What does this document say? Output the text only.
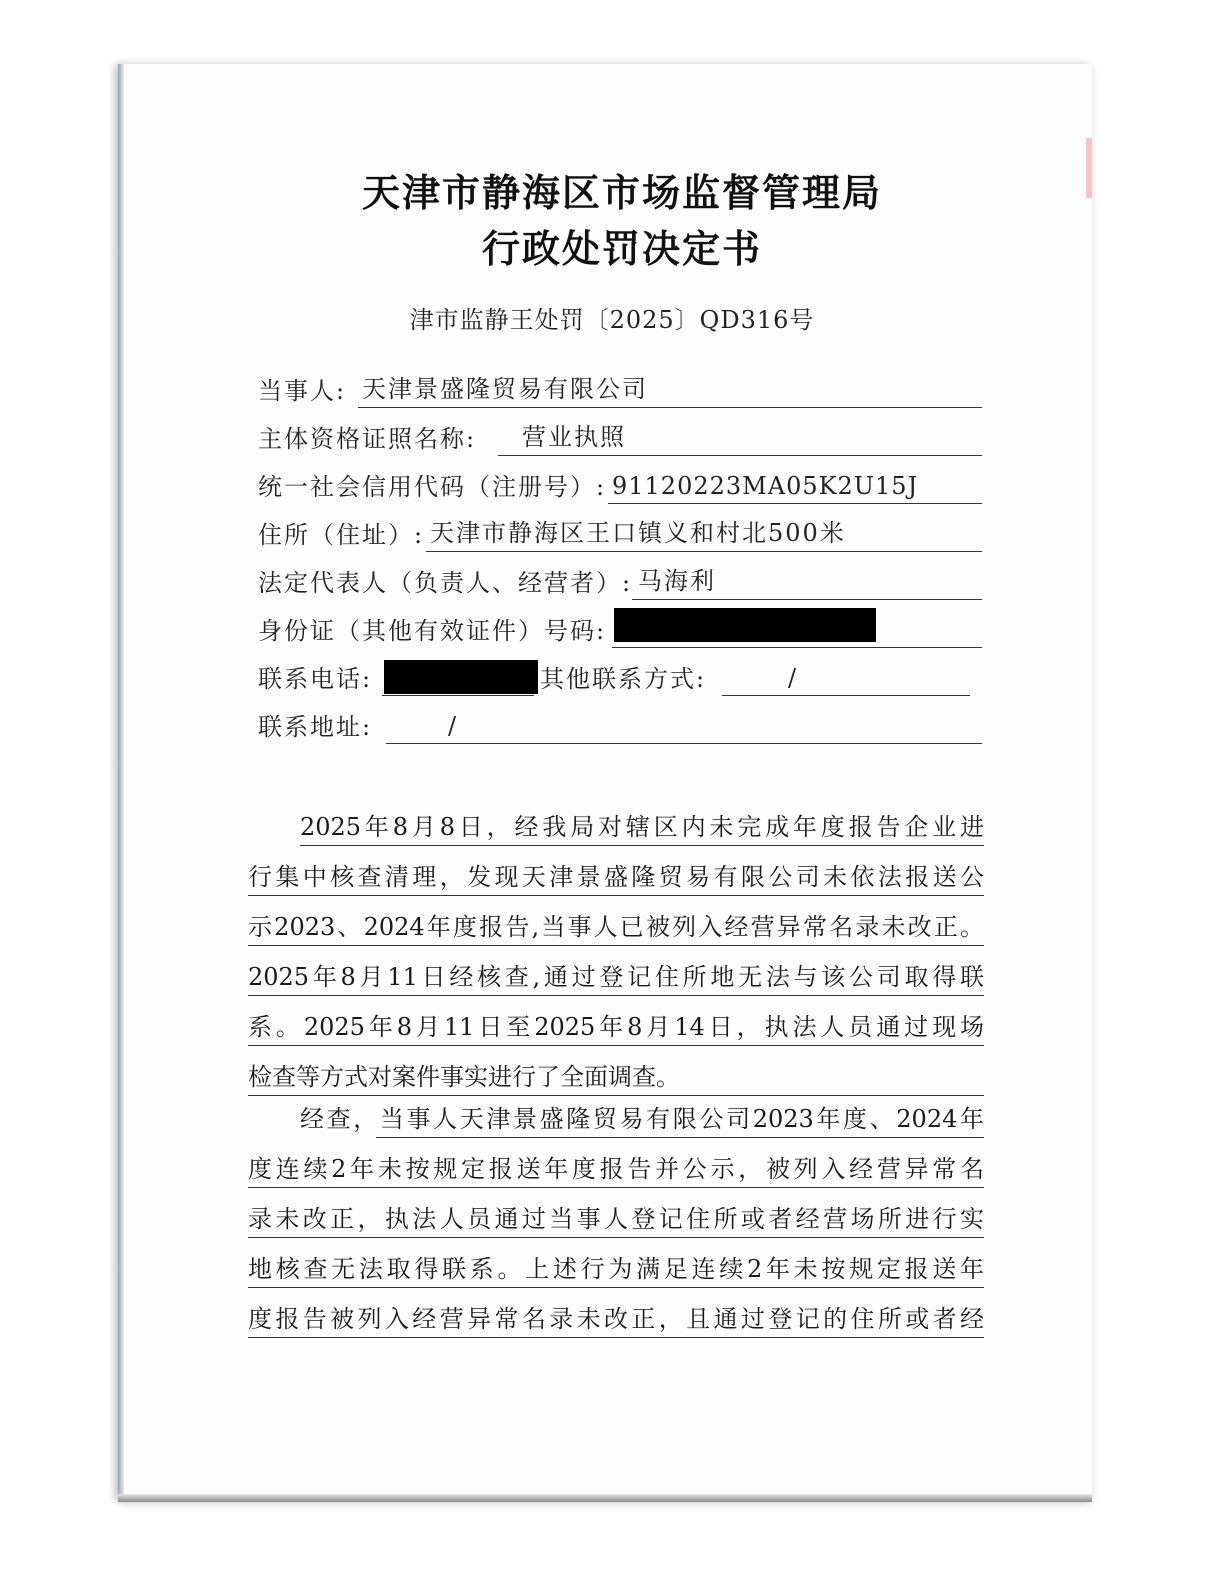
天津市静海区市场监督管理局
行政处罚决定书
津市监静王处罚〔2025〕QD316号
当事人: 天津景盛隆贸易有限公司
主体资格证照名称: 营业执照
统一社会信用代码（注册号）: 91120223MA05K2U15J
住所（住址）: 天津市静海区王口镇义和村北500米
法定代表人（负责人、经营者）: 马海利
身份证（其他有效证件）号码:
联系电话:	其他联系方式:	/
联系地址:	/
2025年8月8日，经我局对辖区内未完成年度报告企业进
行集中核查清理，发现天津景盛隆贸易有限公司未依法报送公
示2023、2024年度报告,当事人已被列入经营异常名录未改正。
2025年8月11日经核查,通过登记住所地无法与该公司取得联
系。2025年8月11日至2025年8月14日，执法人员通过现场
检查等方式对案件事实进行了全面调查。
经查，当事人天津景盛隆贸易有限公司2023年度、2024年
度连续2年未按规定报送年度报告并公示，被列入经营异常名
录未改正，执法人员通过当事人登记住所或者经营场所进行实
地核查无法取得联系。上述行为满足连续2年未按规定报送年
度报告被列入经营异常名录未改正，且通过登记的住所或者经
